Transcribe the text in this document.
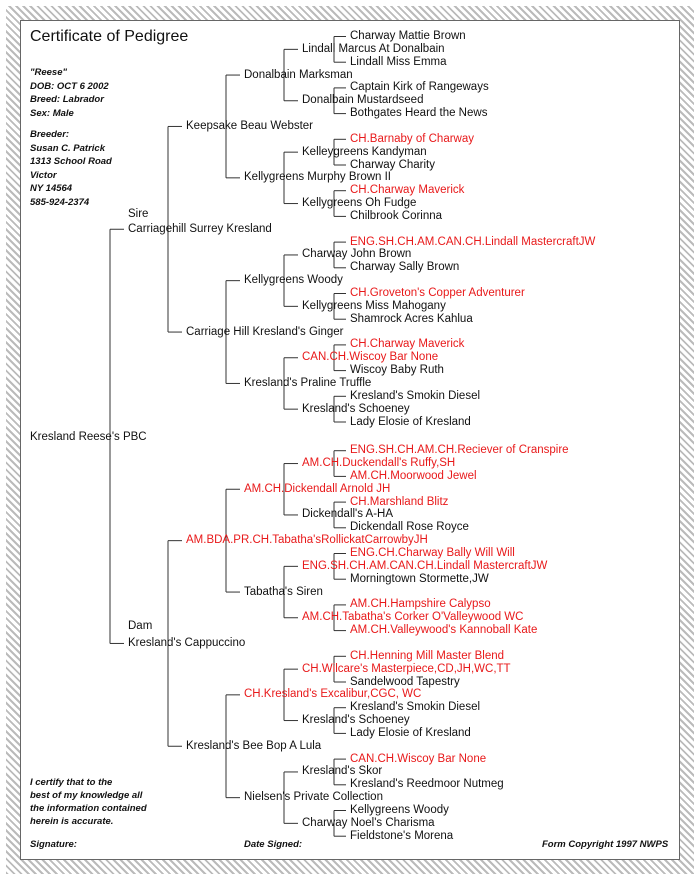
Certificate of Pedigree
"Reese"
DOB: OCT 6 2002
Breed: Labrador
Sex: Male
Breeder:
Susan C. Patrick
1313 School Road
Victor
NY 14564
585-924-2374
I certify that to the
best of my knowledge all
the information contained
herein is accurate.
Signature:	Date Signed:	Form Copyright 1997 NWPS
Sire
Dam
Charway Mattie Brown
Lindall Marcus At Donalbain
Lindall Miss Emma
Donalbain Marksman
Captain Kirk of Rangeways
Donalbain Mustardseed
Bothgates Heard the News
Keepsake Beau Webster
CH.Barnaby of Charway
Kelleygreens Kandyman
Charway Charity
Kellygreens Murphy Brown II
CH.Charway Maverick
Kellygreens Oh Fudge
Chilbrook Corinna
Carriagehill Surrey Kresland
ENG.SH.CH.AM.CAN.CH.Lindall MastercraftJW
Charway John Brown
Charway Sally Brown
Kellygreens Woody
CH.Groveton's Copper Adventurer
Kellygreens Miss Mahogany
Shamrock Acres Kahlua
Carriage Hill Kresland's Ginger
CH.Charway Maverick
CAN.CH.Wiscoy Bar None
Wiscoy Baby Ruth
Kresland's Praline Truffle
Kresland's Smokin Diesel
Kresland's Schoeney
Lady Elosie of Kresland
Kresland Reese's PBC
ENG.SH.CH.AM.CH.Reciever of Cranspire
AM.CH.Duckendall's Ruffy,SH
AM.CH.Moorwood Jewel
AM.CH.Dickendall Arnold JH
CH.Marshland Blitz
Dickendall's A-HA
Dickendall Rose Royce
AM.BDA.PR.CH.Tabatha'sRollickatCarrowbyJH
ENG.CH.Charway Bally Will Will
ENG.SH.CH.AM.CAN.CH.Lindall MastercraftJW
Morningtown Stormette,JW
Tabatha's Siren
AM.CH.Hampshire Calypso
AM.CH.Tabatha's Corker O'Valleywood WC
AM.CH.Valleywood's Kannoball Kate
Kresland's Cappuccino
CH.Henning Mill Master Blend
CH.Wilcare's Masterpiece,CD,JH,WC,TT
Sandelwood Tapestry
CH.Kresland's Excalibur,CGC, WC
Kresland's Smokin Diesel
Kresland's Schoeney
Lady Elosie of Kresland
Kresland's Bee Bop A Lula
CAN.CH.Wiscoy Bar None
Kresland's Skor
Kresland's Reedmoor Nutmeg
Nielsen's Private Collection
Kellygreens Woody
Charway Noel's Charisma
Fieldstone's Morena
